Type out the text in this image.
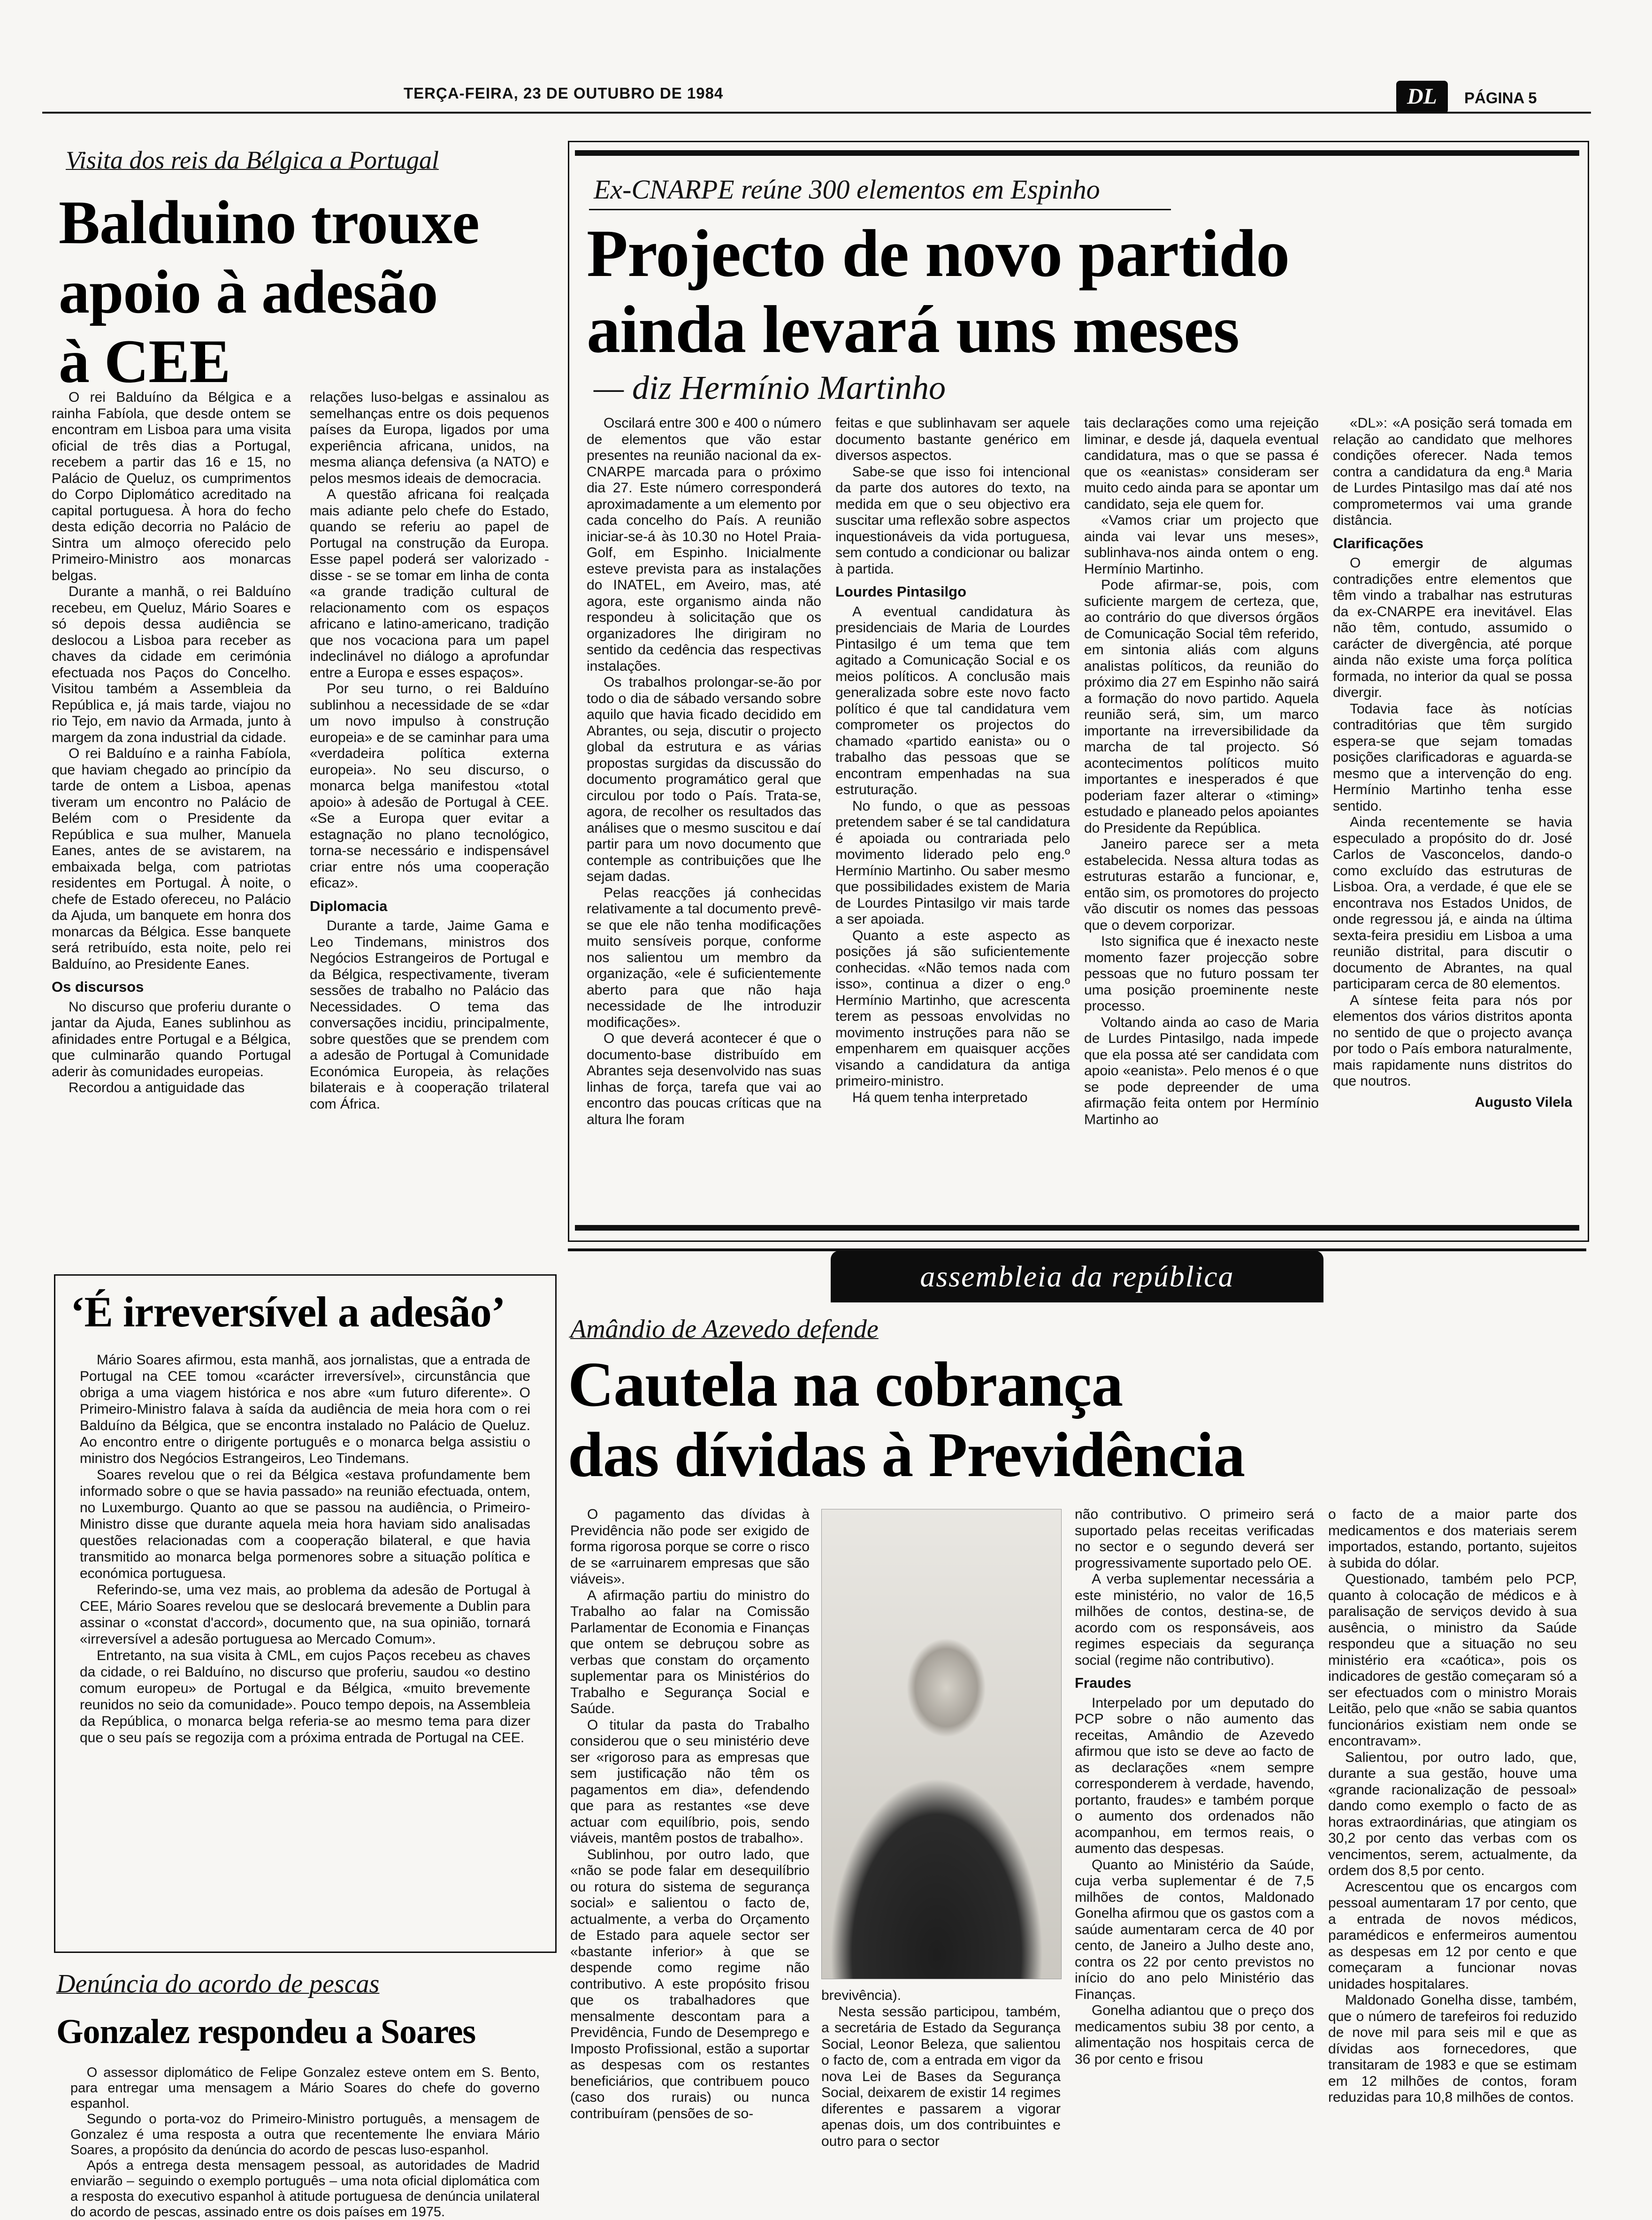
TERÇA-FEIRA, 23 DE OUTUBRO DE 1984	DL	PÁGINA 5
Visita dos reis da Bélgica a Portugal
Balduino trouxe
apoio à adesão
à CEE

O rei Balduíno da Bélgica e a rainha Fabíola, que desde ontem se encontram em Lisboa para uma visita oficial de três dias a Portugal, recebem a partir das 16 e 15, no Palácio de Queluz, os cumprimentos do Corpo Diplomático acreditado na capital portuguesa. À hora do fecho desta edição decorria no Palácio de Sintra um almoço oferecido pelo Primeiro-Ministro aos monarcas belgas.

Durante a manhã, o rei Balduíno recebeu, em Queluz, Mário Soares e só depois dessa audiência se deslocou a Lisboa para receber as chaves da cidade em cerimónia efectuada nos Paços do Concelho. Visitou também a Assembleia da República e, já mais tarde, viajou no rio Tejo, em navio da Armada, junto à margem da zona industrial da cidade.

O rei Balduíno e a rainha Fabíola, que haviam chegado ao princípio da tarde de ontem a Lisboa, apenas tiveram um encontro no Palácio de Belém com o Presidente da República e sua mulher, Manuela Eanes, antes de se avistarem, na embaixada belga, com patriotas residentes em Portugal. À noite, o chefe de Estado ofereceu, no Palácio da Ajuda, um banquete em honra dos monarcas da Bélgica. Esse banquete será retribuído, esta noite, pelo rei Balduíno, ao Presidente Eanes.

Os discursos

No discurso que proferiu durante o jantar da Ajuda, Eanes sublinhou as afinidades entre Portugal e a Bélgica, que culminarão quando Portugal aderir às comunidades europeias.

Recordou a antiguidade das

relações luso-belgas e assinalou as semelhanças entre os dois pequenos países da Europa, ligados por uma experiência africana, unidos, na mesma aliança defensiva (a NATO) e pelos mesmos ideais de democracia.

A questão africana foi realçada mais adiante pelo chefe do Estado, quando se referiu ao papel de Portugal na construção da Europa. Esse papel poderá ser valorizado - disse - se se tomar em linha de conta «a grande tradição cultural de relacionamento com os espaços africano e latino-americano, tradição que nos vocaciona para um papel indeclinável no diálogo a aprofundar entre a Europa e esses espaços».

Por seu turno, o rei Balduíno sublinhou a necessidade de se «dar um novo impulso à construção europeia» e de se caminhar para uma «verdadeira política externa europeia». No seu discurso, o monarca belga manifestou «total apoio» à adesão de Portugal à CEE. «Se a Europa quer evitar a estagnação no plano tecnológico, torna-se necessário e indispensável criar entre nós uma cooperação eficaz».

Diplomacia

Durante a tarde, Jaime Gama e Leo Tindemans, ministros dos Negócios Estrangeiros de Portugal e da Bélgica, respectivamente, tiveram sessões de trabalho no Palácio das Necessidades. O tema das conversações incidiu, principalmente, sobre questões que se prendem com a adesão de Portugal à Comunidade Económica Europeia, às relações bilaterais e à cooperação trilateral com África.

Ex-CNARPE reúne 300 elementos em Espinho
Projecto de novo partido
ainda levará uns meses
— diz Hermínio Martinho

Oscilará entre 300 e 400 o número de elementos que vão estar presentes na reunião nacional da ex-CNARPE marcada para o próximo dia 27. Este número corresponderá aproximadamente a um elemento por cada concelho do País. A reunião iniciar-se-á às 10.30 no Hotel Praia-Golf, em Espinho. Inicialmente esteve prevista para as instalações do INATEL, em Aveiro, mas, até agora, este organismo ainda não respondeu à solicitação que os organizadores lhe dirigiram no sentido da cedência das respectivas instalações.

Os trabalhos prolongar-se-ão por todo o dia de sábado versando sobre aquilo que havia ficado decidido em Abrantes, ou seja, discutir o projecto global da estrutura e as várias propostas surgidas da discussão do documento programático geral que circulou por todo o País. Trata-se, agora, de recolher os resultados das análises que o mesmo suscitou e daí partir para um novo documento que contemple as contribuições que lhe sejam dadas.

Pelas reacções já conhecidas relativamente a tal documento prevê-se que ele não tenha modificações muito sensíveis porque, conforme nos salientou um membro da organização, «ele é suficientemente aberto para que não haja necessidade de lhe introduzir modificações».

O que deverá acontecer é que o documento-base distribuído em Abrantes seja desenvolvido nas suas linhas de força, tarefa que vai ao encontro das poucas críticas que na altura lhe foram

feitas e que sublinhavam ser aquele documento bastante genérico em diversos aspectos.

Sabe-se que isso foi intencional da parte dos autores do texto, na medida em que o seu objectivo era suscitar uma reflexão sobre aspectos inquestionáveis da vida portuguesa, sem contudo a condicionar ou balizar à partida.

Lourdes Pintasilgo

A eventual candidatura às presidenciais de Maria de Lourdes Pintasilgo é um tema que tem agitado a Comunicação Social e os meios políticos. A conclusão mais generalizada sobre este novo facto político é que tal candidatura vem comprometer os projectos do chamado «partido eanista» ou o trabalho das pessoas que se encontram empenhadas na sua estruturação.

No fundo, o que as pessoas pretendem saber é se tal candidatura é apoiada ou contrariada pelo movimento liderado pelo eng.º Hermínio Martinho. Ou saber mesmo que possibilidades existem de Maria de Lourdes Pintasilgo vir mais tarde a ser apoiada.

Quanto a este aspecto as posições já são suficientemente conhecidas. «Não temos nada com isso», continua a dizer o eng.º Hermínio Martinho, que acrescenta terem as pessoas envolvidas no movimento instruções para não se empenharem em quaisquer acções visando a candidatura da antiga primeiro-ministro.

Há quem tenha interpretado

tais declarações como uma rejeição liminar, e desde já, daquela eventual candidatura, mas o que se passa é que os «eanistas» consideram ser muito cedo ainda para se apontar um candidato, seja ele quem for.

«Vamos criar um projecto que ainda vai levar uns meses», sublinhava-nos ainda ontem o eng. Hermínio Martinho.

Pode afirmar-se, pois, com suficiente margem de certeza, que, ao contrário do que diversos órgãos de Comunicação Social têm referido, em sintonia aliás com alguns analistas políticos, da reunião do próximo dia 27 em Espinho não sairá a formação do novo partido. Aquela reunião será, sim, um marco importante na irreversibilidade da marcha de tal projecto. Só acontecimentos políticos muito importantes e inesperados é que poderiam fazer alterar o «timing» estudado e planeado pelos apoiantes do Presidente da República.

Janeiro parece ser a meta estabelecida. Nessa altura todas as estruturas estarão a funcionar, e, então sim, os promotores do projecto vão discutir os nomes das pessoas que o devem corporizar.

Isto significa que é inexacto neste momento fazer projecção sobre pessoas que no futuro possam ter uma posição proeminente neste processo.

Voltando ainda ao caso de Maria de Lurdes Pintasilgo, nada impede que ela possa até ser candidata com apoio «eanista». Pelo menos é o que se pode depreender de uma afirmação feita ontem por Hermínio Martinho ao

«DL»: «A posição será tomada em relação ao candidato que melhores condições oferecer. Nada temos contra a candidatura da eng.ª Maria de Lurdes Pintasilgo mas daí até nos comprometermos vai uma grande distância.

Clarificações

O emergir de algumas contradições entre elementos que têm vindo a trabalhar nas estruturas da ex-CNARPE era inevitável. Elas não têm, contudo, assumido o carácter de divergência, até porque ainda não existe uma força política formada, no interior da qual se possa divergir.

Todavia face às notícias contraditórias que têm surgido espera-se que sejam tomadas posições clarificadoras e aguarda-se mesmo que a intervenção do eng. Hermínio Martinho tenha esse sentido.

Ainda recentemente se havia especulado a propósito do dr. José Carlos de Vasconcelos, dando-o como excluído das estruturas de Lisboa. Ora, a verdade, é que ele se encontrava nos Estados Unidos, de onde regressou já, e ainda na última sexta-feira presidiu em Lisboa a uma reunião distrital, para discutir o documento de Abrantes, na qual participaram cerca de 80 elementos.

A síntese feita para nós por elementos dos vários distritos aponta no sentido de que o projecto avança por todo o País embora naturalmente, mais rapidamente nuns distritos do que noutros.

Augusto Vilela
‘É irreversível a adesão’

Mário Soares afirmou, esta manhã, aos jornalistas, que a entrada de Portugal na CEE tomou «carácter irreversível», circunstância que obriga a uma viagem histórica e nos abre «um futuro diferente». O Primeiro-Ministro falava à saída da audiência de meia hora com o rei Balduíno da Bélgica, que se encontra instalado no Palácio de Queluz. Ao encontro entre o dirigente português e o monarca belga assistiu o ministro dos Negócios Estrangeiros, Leo Tindemans.

Soares revelou que o rei da Bélgica «estava profundamente bem informado sobre o que se havia passado» na reunião efectuada, ontem, no Luxemburgo. Quanto ao que se passou na audiência, o Primeiro-Ministro disse que durante aquela meia hora haviam sido analisadas questões relacionadas com a cooperação bilateral, e que havia transmitido ao monarca belga pormenores sobre a situação política e económica portuguesa.

Referindo-se, uma vez mais, ao problema da adesão de Portugal à CEE, Mário Soares revelou que se deslocará brevemente a Dublin para assinar o «constat d'accord», documento que, na sua opinião, tornará «irreversível a adesão portuguesa ao Mercado Comum».

Entretanto, na sua visita à CML, em cujos Paços recebeu as chaves da cidade, o rei Balduíno, no discurso que proferiu, saudou «o destino comum europeu» de Portugal e da Bélgica, «muito brevemente reunidos no seio da comunidade». Pouco tempo depois, na Assembleia da República, o monarca belga referia-se ao mesmo tema para dizer que o seu país se regozija com a próxima entrada de Portugal na CEE.

Denúncia do acordo de pescas
Gonzalez respondeu a Soares

O assessor diplomático de Felipe Gonzalez esteve ontem em S. Bento, para entregar uma mensagem a Mário Soares do chefe do governo espanhol.

Segundo o porta-voz do Primeiro-Ministro português, a mensagem de Gonzalez é uma resposta a outra que recentemente lhe enviara Mário Soares, a propósito da denúncia do acordo de pescas luso-espanhol.

Após a entrega desta mensagem pessoal, as autoridades de Madrid enviarão – seguindo o exemplo português – uma nota oficial diplomática com a resposta do executivo espanhol à atitude portuguesa de denúncia unilateral do acordo de pescas, assinado entre os dois países em 1975.

assembleia da república
Amândio de Azevedo defende
Cautela na cobrança
das dívidas à Previdência

O pagamento das dívidas à Previdência não pode ser exigido de forma rigorosa porque se corre o risco de se «arruinarem empresas que são viáveis».

A afirmação partiu do ministro do Trabalho ao falar na Comissão Parlamentar de Economia e Finanças que ontem se debruçou sobre as verbas que constam do orçamento suplementar para os Ministérios do Trabalho e Segurança Social e Saúde.

O titular da pasta do Trabalho considerou que o seu ministério deve ser «rigoroso para as empresas que sem justificação não têm os pagamentos em dia», defendendo que para as restantes «se deve actuar com equilíbrio, pois, sendo viáveis, mantêm postos de trabalho».

Sublinhou, por outro lado, que «não se pode falar em desequilíbrio ou rotura do sistema de segurança social» e salientou o facto de, actualmente, a verba do Orçamento de Estado para aquele sector ser «bastante inferior» à que se despende como regime não contributivo. A este propósito frisou que os trabalhadores que mensalmente descontam para a Previdência, Fundo de Desemprego e Imposto Profissional, estão a suportar as despesas com os restantes beneficiários, que contribuem pouco (caso dos rurais) ou nunca contribuíram (pensões de so-

brevivência).

Nesta sessão participou, também, a secretária de Estado da Segurança Social, Leonor Beleza, que salientou o facto de, com a entrada em vigor da nova Lei de Bases da Segurança Social, deixarem de existir 14 regimes diferentes e passarem a vigorar apenas dois, um dos contribuintes e outro para o sector

não contributivo. O primeiro será suportado pelas receitas verificadas no sector e o segundo deverá ser progressivamente suportado pelo OE.

A verba suplementar necessária a este ministério, no valor de 16,5 milhões de contos, destina-se, de acordo com os responsáveis, aos regimes especiais da segurança social (regime não contributivo).

Fraudes

Interpelado por um deputado do PCP sobre o não aumento das receitas, Amândio de Azevedo afirmou que isto se deve ao facto de as declarações «nem sempre corresponderem à verdade, havendo, portanto, fraudes» e também porque o aumento dos ordenados não acompanhou, em termos reais, o aumento das despesas.

Quanto ao Ministério da Saúde, cuja verba suplementar é de 7,5 milhões de contos, Maldonado Gonelha afirmou que os gastos com a saúde aumentaram cerca de 40 por cento, de Janeiro a Julho deste ano, contra os 22 por cento previstos no início do ano pelo Ministério das Finanças.

Gonelha adiantou que o preço dos medicamentos subiu 38 por cento, a alimentação nos hospitais cerca de 36 por cento e frisou

o facto de a maior parte dos medicamentos e dos materiais serem importados, estando, portanto, sujeitos à subida do dólar.

Questionado, também pelo PCP, quanto à colocação de médicos e à paralisação de serviços devido à sua ausência, o ministro da Saúde respondeu que a situação no seu ministério era «caótica», pois os indicadores de gestão começaram só a ser efectuados com o ministro Morais Leitão, pelo que «não se sabia quantos funcionários existiam nem onde se encontravam».

Salientou, por outro lado, que, durante a sua gestão, houve uma «grande racionalização de pessoal» dando como exemplo o facto de as horas extraordinárias, que atingiam os 30,2 por cento das verbas com os vencimentos, serem, actualmente, da ordem dos 8,5 por cento.

Acrescentou que os encargos com pessoal aumentaram 17 por cento, que a entrada de novos médicos, paramédicos e enfermeiros aumentou as despesas em 12 por cento e que começaram a funcionar novas unidades hospitalares.

Maldonado Gonelha disse, também, que o número de tarefeiros foi reduzido de nove mil para seis mil e que as dívidas aos fornecedores, que transitaram de 1983 e que se estimam em 12 milhões de contos, foram reduzidas para 10,8 milhões de contos.
